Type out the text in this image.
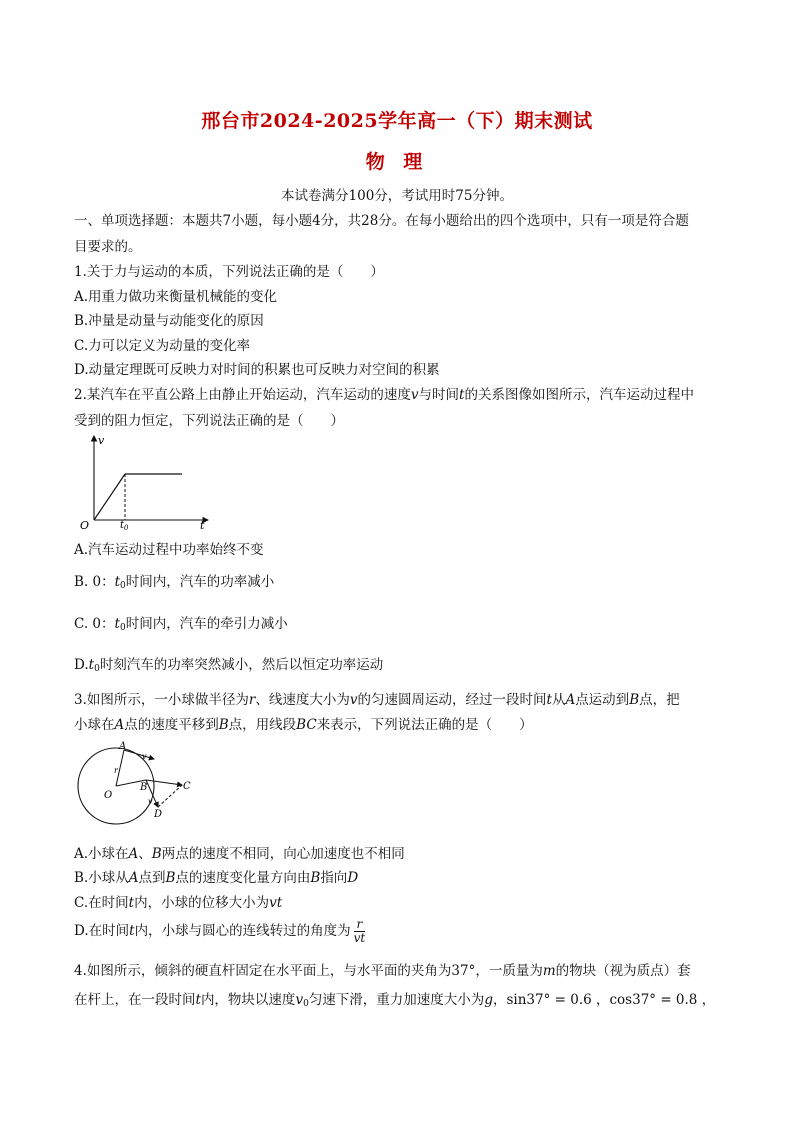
邢台市2024-2025学年高一（下）期末测试
物 理
本试卷满分100分，考试用时75分钟。
一、单项选择题：本题共7小题，每小题4分，共28分。在每小题给出的四个选项中，只有一项是符合题
目要求的。
1.关于力与运动的本质，下列说法正确的是（　　）
A.用重力做功来衡量机械能的变化
B.冲量是动量与动能变化的原因
C.力可以定义为动量的变化率
D.动量定理既可反映力对时间的积累也可反映力对空间的积累
2.某汽车在平直公路上由静止开始运动，汽车运动的速度v与时间t的关系图像如图所示，汽车运动过程中
受到的阻力恒定，下列说法正确的是（　　）
v
t
O	$t_0$
A.汽车运动过程中功率始终不变
B. 0：$t_0$时间内，汽车的功率减小
C. 0：$t_0$时间内，汽车的牵引力减小
$D.t_0$时刻汽车的功率突然减小，然后以恒定功率运动
3.如图所示，一小球做半径为r、线速度大小为v的匀速圆周运动，经过一段时间t从A点运动到B点，把
小球在A点的速度平移到B点，用线段BC来表示，下列说法正确的是（　　）
A
B	C
D
O
r
v
v
A.小球在A、B两点的速度不相同，向心加速度也不相同
B.小球从A点到B点的速度变化量方向由B指向D
C.在时间t内，小球的位移大小为vt
D.在时间t内，小球与圆心的连线转过的角度为 $\frac{r}{vt}$
4.如图所示，倾斜的硬直杆固定在水平面上，与水平面的夹角为37°，一质量为m的物块（视为质点）套
在杆上，在一段时间t内，物块以速度$v_0$匀速下滑，重力加速度大小为g，sin37° = 0.6 ，cos37° = 0.8 ，
